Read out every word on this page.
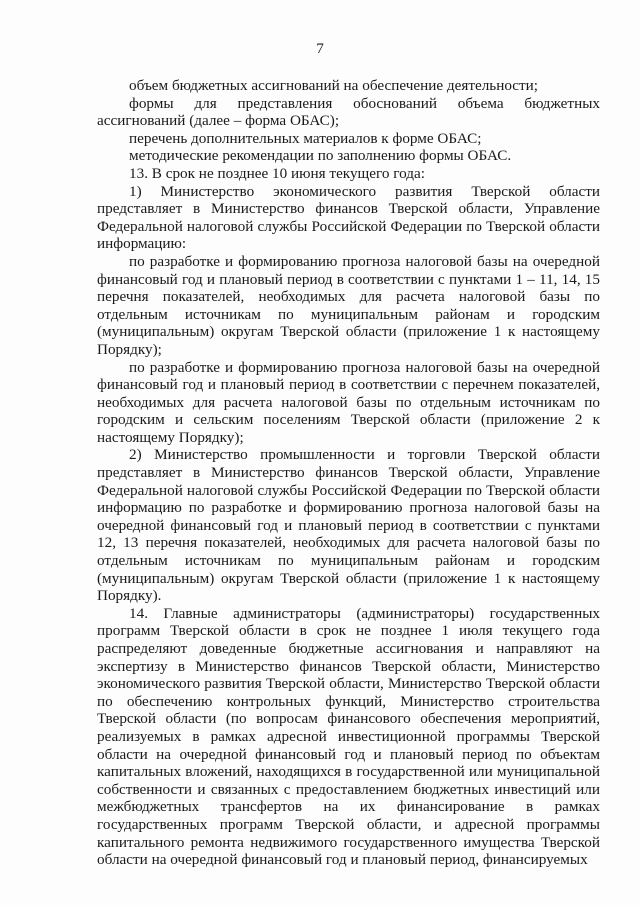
7

объем бюджетных ассигнований на обеспечение деятельности;

формы для представления обоснований объема бюджетных ассигнований (далее – форма ОБАС);

перечень дополнительных материалов к форме ОБАС;

методические рекомендации по заполнению формы ОБАС.

13. В срок не позднее 10 июня текущего года:

1) Министерство экономического развития Тверской области представляет в Министерство финансов Тверской области, Управление Федеральной налоговой службы Российской Федерации по Тверской области информацию:

по разработке и формированию прогноза налоговой базы на очередной финансовый год и плановый период в соответствии с пунктами 1 – 11, 14, 15 перечня показателей, необходимых для расчета налоговой базы по отдельным источникам по муниципальным районам и городским (муниципальным) округам Тверской области (приложение 1 к настоящему Порядку);

по разработке и формированию прогноза налоговой базы на очередной финансовый год и плановый период в соответствии с перечнем показателей, необходимых для расчета налоговой базы по отдельным источникам по городским и сельским поселениям Тверской области (приложение 2 к настоящему Порядку);

2) Министерство промышленности и торговли Тверской области представляет в Министерство финансов Тверской области, Управление Федеральной налоговой службы Российской Федерации по Тверской области информацию по разработке и формированию прогноза налоговой базы на очередной финансовый год и плановый период в соответствии с пунктами 12, 13 перечня показателей, необходимых для расчета налоговой базы по отдельным источникам по муниципальным районам и городским (муниципальным) округам Тверской области (приложение 1 к настоящему Порядку).

14. Главные администраторы (администраторы) государственных программ Тверской области в срок не позднее 1 июля текущего года распределяют доведенные бюджетные ассигнования и направляют на экспертизу в Министерство финансов Тверской области, Министерство экономического развития Тверской области, Министерство Тверской области по обеспечению контрольных функций, Министерство строительства Тверской области (по вопросам финансового обеспечения мероприятий, реализуемых в рамках адресной инвестиционной программы Тверской области на очередной финансовый год и плановый период по объектам капитальных вложений, находящихся в государственной или муниципальной собственности и связанных с предоставлением бюджетных инвестиций или межбюджетных трансфертов на их финансирование в рамках государственных программ Тверской области, и адресной программы капитального ремонта недвижимого государственного имущества Тверской области на очередной финансовый год и плановый период, финансируемых
